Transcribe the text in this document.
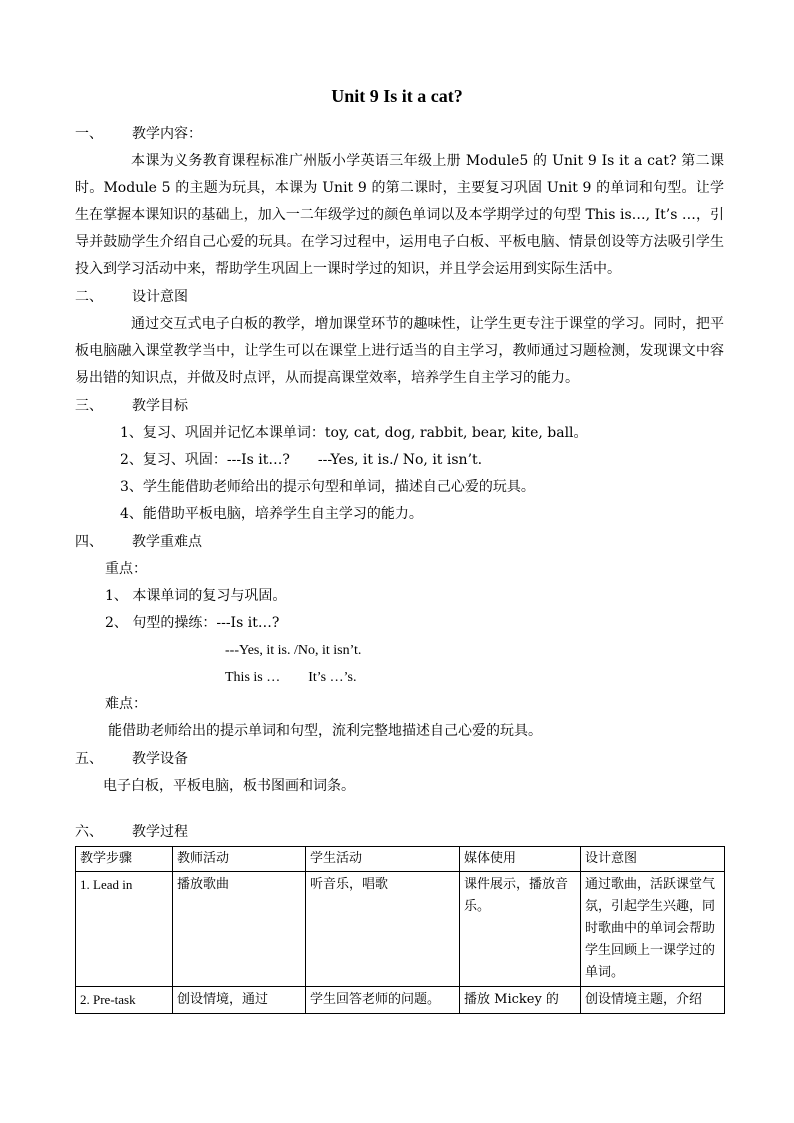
Unit 9 Is it a cat?
一、	教学内容：

本课为义务教育课程标准广州版小学英语三年级上册 Module5 的 Unit 9 Is it a cat? 第二课时。Module 5 的主题为玩具，本课为 Unit 9 的第二课时，主要复习巩固 Unit 9 的单词和句型。让学生在掌握本课知识的基础上，加入一二年级学过的颜色单词以及本学期学过的句型 This is…, It’s …，引导并鼓励学生介绍自己心爱的玩具。在学习过程中，运用电子白板、平板电脑、情景创设等方法吸引学生投入到学习活动中来，帮助学生巩固上一课时学过的知识，并且学会运用到实际生活中。

二、	设计意图

通过交互式电子白板的教学，增加课堂环节的趣味性，让学生更专注于课堂的学习。同时，把平板电脑融入课堂教学当中，让学生可以在课堂上进行适当的自主学习，教师通过习题检测，发现课文中容易出错的知识点，并做及时点评，从而提高课堂效率，培养学生自主学习的能力。

三、	教学目标
1、复习、巩固并记忆本课单词：toy, cat, dog, rabbit, bear, kite, ball。
2、复习、巩固：---Is it…?　　---Yes, it is./ No, it isn’t.
3、学生能借助老师给出的提示句型和单词，描述自己心爱的玩具。
4、能借助平板电脑，培养学生自主学习的能力。
四、	教学重难点
重点：
1、 本课单词的复习与巩固。
2、 句型的操练：---Is it…?
---Yes, it is. /No, it isn’t.
This is …　　It’s …’s.
难点：
能借助老师给出的提示单词和句型，流利完整地描述自己心爱的玩具。
五、	教学设备
电子白板，平板电脑，板书图画和词条。
六、	教学过程
教学步骤	教师活动	学生活动	媒体使用	设计意图
1. Lead in	播放歌曲	听音乐，唱歌	课件展示，播放音乐。	通过歌曲，活跃课堂气氛，引起学生兴趣，同时歌曲中的单词会帮助学生回顾上一课学过的单词。
2. Pre-task	创设情境，通过	学生回答老师的问题。	播放 Mickey 的	创设情境主题，介绍
